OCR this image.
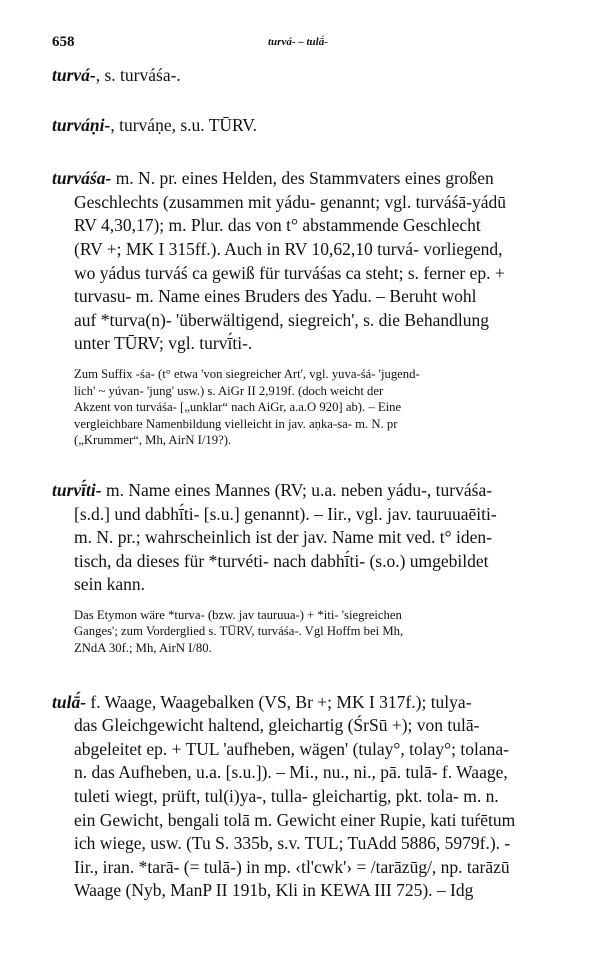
658	turvá- – tulā́-

turvá-, s. turváśa-.

turváṇi-, turváṇe, s.u. TŪRV.

turváśa- m. N. pr. eines Helden, des Stammvaters eines großen

Geschlechts (zusammen mit yádu- genannt; vgl. turváśā-yádū

RV 4,30,17); m. Plur. das von t° abstammende Geschlecht

(RV +; MK I 315ff.). Auch in RV 10,62,10 turvá- vorliegend,

wo yádus turváś ca gewiß für turváśas ca steht; s. ferner ep. +

turvasu- m. Name eines Bruders des Yadu. – Beruht wohl

auf *turva(n)- 'überwältigend, siegreich', s. die Behandlung

unter TŪRV; vgl. turvī́ti-.

Zum Suffix -śa- (t° etwa 'von siegreicher Art', vgl. yuva-śá- 'jugend-
lich' ~ yúvan- 'jung' usw.) s. AiGr II 2,919f. (doch weicht der
Akzent von turváśa- [„unklar“ nach AiGr, a.a.O 920] ab). – Eine
vergleichbare Namenbildung vielleicht in jav. aṇka-sa- m. N. pr
(„Krummer“, Mh, AirN I/19?).

turvī́ti- m. Name eines Mannes (RV; u.a. neben yádu-, turváśa-

[s.d.] und dabhī́ti- [s.u.] genannt). – Iir., vgl. jav. tauruuaēiti-

m. N. pr.; wahrscheinlich ist der jav. Name mit ved. t° iden-

tisch, da dieses für *turvéti- nach dabhī́ti- (s.o.) umgebildet

sein kann.

Das Etymon wäre *turva- (bzw. jav tauruua-) + *iti- 'siegreichen
Ganges'; zum Vorderglied s. TŪRV, turváśa-. Vgl Hoffm bei Mh,
ZNdA 30f.; Mh, AirN I/80.

tulā́- f. Waage, Waagebalken (VS, Br +; MK I 317f.); tulya-

das Gleichgewicht haltend, gleichartig (ŚrSū +); von tulā-

abgeleitet ep. + TUL 'aufheben, wägen' (tulay°, tolay°; tolana-

n. das Aufheben, u.a. [s.u.]). – Mi., nu., ni., pā. tulā- f. Waage,

tuleti wiegt, prüft, tul(i)ya-, tulla- gleichartig, pkt. tola- m. n.

ein Gewicht, bengali tolā m. Gewicht einer Rupie, kati tuŕētum

ich wiege, usw. (Tu S. 335b, s.v. TUL; TuAdd 5886, 5979f.). -

Iir., iran. *tarā- (= tulā-) in mp. ‹tl'cwk'› = /tarāzūg/, np. tarāzū

Waage (Nyb, ManP II 191b, Kli in KEWA III 725). – Idg
